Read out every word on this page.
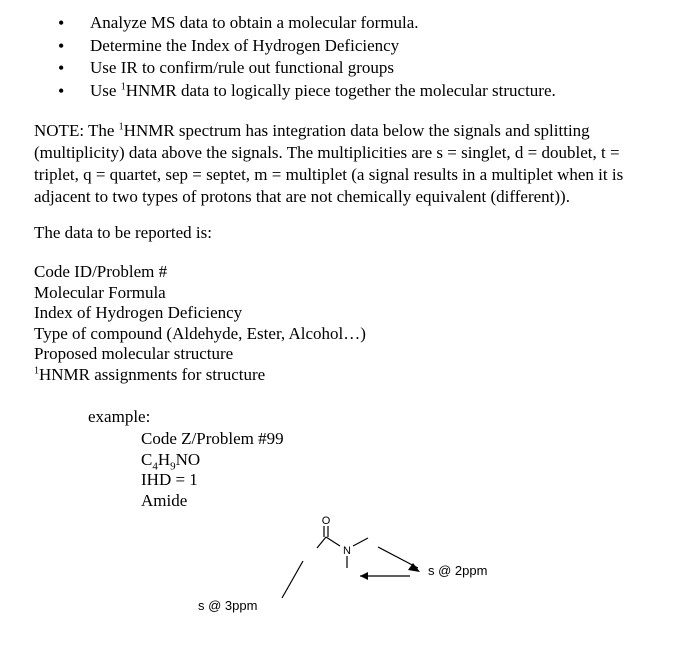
• Analyze MS data to obtain a molecular formula.
• Determine the Index of Hydrogen Deficiency
• Use IR to confirm/rule out functional groups
• Use $^1$HNMR data to logically piece together the molecular structure.

NOTE: The $^1$HNMR spectrum has integration data below the signals and splitting (multiplicity) data above the signals. The multiplicities are s = singlet, d = doublet, t = triplet, q = quartet, sep = septet, m = multiplet (a signal results in a multiplet when it is adjacent to two types of protons that are not chemically equivalent (different)).

The data to be reported is:

Code ID/Problem #
Molecular Formula
Index of Hydrogen Deficiency
Type of compound (Aldehyde, Ester, Alcohol…)
Proposed molecular structure
$^1$HNMR assignments for structure

example:

Code Z/Problem #99
$C_4H_9NO$
IHD = 1
Amide
O
N
s @ 2ppm
s @ 3ppm
